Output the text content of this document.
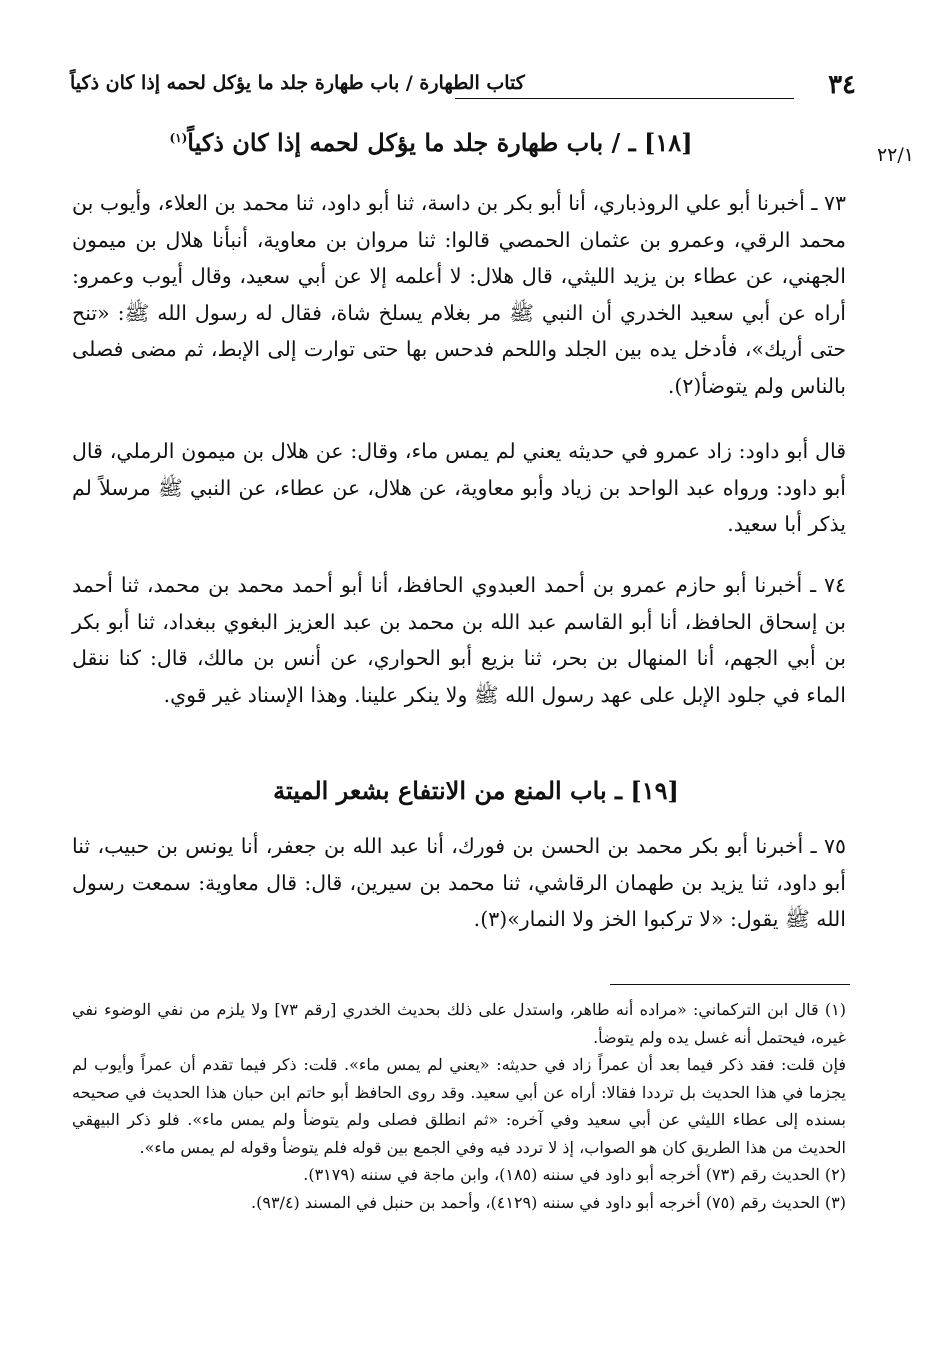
٣٤
كتاب الطهارة / باب طهارة جلد ما يؤكل لحمه إذا كان ذكياً
٢٢/١
[١٨] ـ / باب طهارة جلد ما يؤكل لحمه إذا كان ذكياً$^{(١)}$
٧٣ ـ أخبرنا أبو علي الروذباري، أنا أبو بكر بن داسة، ثنا أبو داود، ثنا محمد بن العلاء، وأيوب بن محمد الرقي، وعمرو بن عثمان الحمصي قالوا: ثنا مروان بن معاوية، أنبأنا هلال بن ميمون الجهني، عن عطاء بن يزيد الليثي، قال هلال: لا أعلمه إلا عن أبي سعيد، وقال أيوب وعمرو: أراه عن أبي سعيد الخدري أن النبي ﷺ مر بغلام يسلخ شاة، فقال له رسول الله ﷺ: «تنح حتى أريك»، فأدخل يده بين الجلد واللحم فدحس بها حتى توارت إلى الإبط، ثم مضى فصلى بالناس ولم يتوضأ(٢).
قال أبو داود: زاد عمرو في حديثه يعني لم يمس ماء، وقال: عن هلال بن ميمون الرملي، قال أبو داود: ورواه عبد الواحد بن زياد وأبو معاوية، عن هلال، عن عطاء، عن النبي ﷺ مرسلاً لم يذكر أبا سعيد.
٧٤ ـ أخبرنا أبو حازم عمرو بن أحمد العبدوي الحافظ، أنا أبو أحمد محمد بن محمد، ثنا أحمد بن إسحاق الحافظ، أنا أبو القاسم عبد الله بن محمد بن عبد العزيز البغوي ببغداد، ثنا أبو بكر بن أبي الجهم، أنا المنهال بن بحر، ثنا بزيع أبو الحواري، عن أنس بن مالك، قال: كنا ننقل الماء في جلود الإبل على عهد رسول الله ﷺ ولا ينكر علينا. وهذا الإسناد غير قوي.
[١٩] ـ باب المنع من الانتفاع بشعر الميتة
٧٥ ـ أخبرنا أبو بكر محمد بن الحسن بن فورك، أنا عبد الله بن جعفر، أنا يونس بن حبيب، ثنا أبو داود، ثنا يزيد بن طهمان الرقاشي، ثنا محمد بن سيرين، قال: قال معاوية: سمعت رسول الله ﷺ يقول: «لا تركبوا الخز ولا النمار»(٣).

(١) قال ابن التركماني: «مراده أنه طاهر، واستدل على ذلك بحديث الخدري [رقم ٧٣] ولا يلزم من نفي الوضوء نفي غيره، فيحتمل أنه غسل يده ولم يتوضأ.

فإن قلت: فقد ذكر فيما بعد أن عمراً زاد في حديثه: «يعني لم يمس ماء». قلت: ذكر فيما تقدم أن عمراً وأيوب لم يجزما في هذا الحديث بل ترددا فقالا: أراه عن أبي سعيد. وقد روى الحافظ أبو حاتم ابن حبان هذا الحديث في صحيحه بسنده إلى عطاء الليثي عن أبي سعيد وفي آخره: «ثم انطلق فصلى ولم يتوضأ ولم يمس ماء». فلو ذكر البيهقي الحديث من هذا الطريق كان هو الصواب، إذ لا تردد فيه وفي الجمع بين قوله فلم يتوضأ وقوله لم يمس ماء».

(٢) الحديث رقم (٧٣) أخرجه أبو داود في سننه (١٨٥)، وابن ماجة في سننه (٣١٧٩).

(٣) الحديث رقم (٧٥) أخرجه أبو داود في سننه (٤١٢٩)، وأحمد بن حنبل في المسند (٩٣/٤).
